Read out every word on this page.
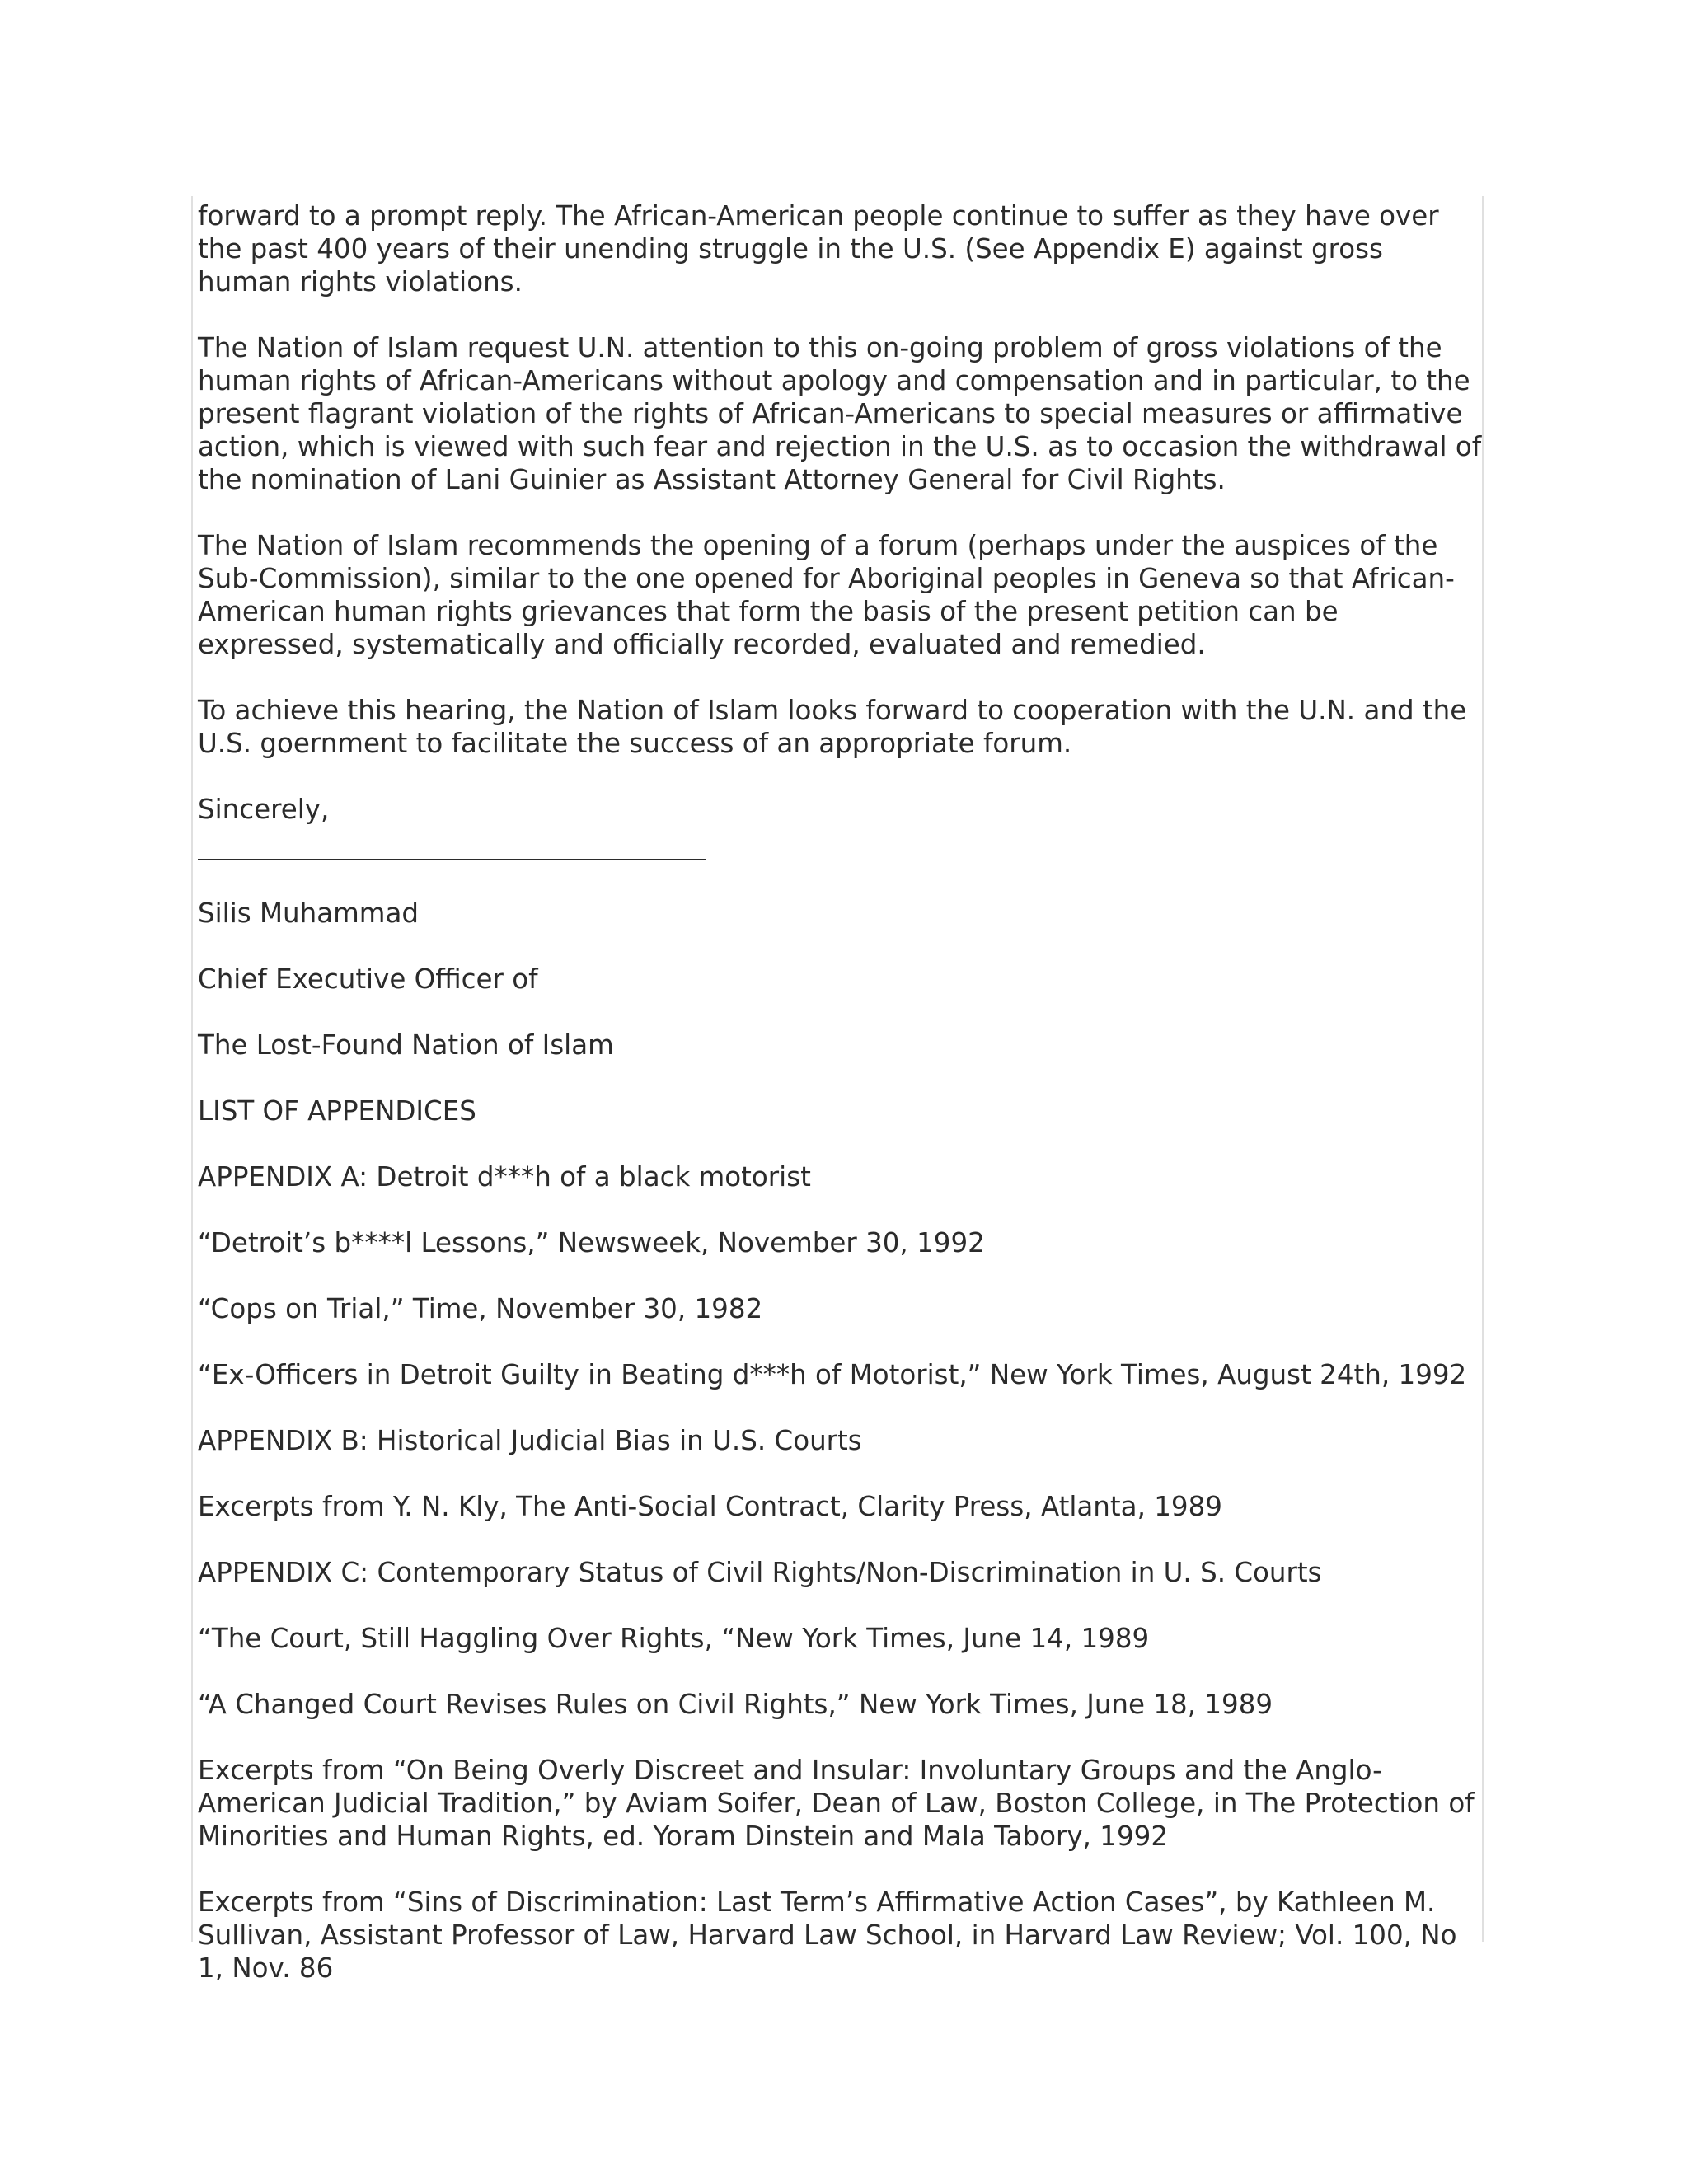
forward to a prompt reply. The African-American people continue to suffer as they have over the past 400 years of their unending struggle in the U.S. (See Appendix E) against gross human rights violations.

The Nation of Islam request U.N. attention to this on-going problem of gross violations of the human rights of African-Americans without apology and compensation and in particular, to the present flagrant violation of the rights of African-Americans to special measures or affirmative action, which is viewed with such fear and rejection in the U.S. as to occasion the withdrawal of the nomination of Lani Guinier as Assistant Attorney General for Civil Rights.

The Nation of Islam recommends the opening of a forum (perhaps under the auspices of the Sub-Commission), similar to the one opened for Aboriginal peoples in Geneva so that African-American human rights grievances that form the basis of the present petition can be expressed, systematically and officially recorded, evaluated and remedied.

To achieve this hearing, the Nation of Islam looks forward to cooperation with the U.N. and the U.S. goernment to facilitate the success of an appropriate forum.

Sincerely,

Silis Muhammad

Chief Executive Officer of

The Lost-Found Nation of Islam

LIST OF APPENDICES

APPENDIX A: Detroit d***h of a black motorist

“Detroit’s b****l Lessons,” Newsweek, November 30, 1992

“Cops on Trial,” Time, November 30, 1982

“Ex-Officers in Detroit Guilty in Beating d***h of Motorist,” New York Times, August 24th, 1992

APPENDIX B: Historical Judicial Bias in U.S. Courts

Excerpts from Y. N. Kly, The Anti-Social Contract, Clarity Press, Atlanta, 1989

APPENDIX C: Contemporary Status of Civil Rights/Non-Discrimination in U. S. Courts

“The Court, Still Haggling Over Rights, “New York Times, June 14, 1989

“A Changed Court Revises Rules on Civil Rights,” New York Times, June 18, 1989

Excerpts from “On Being Overly Discreet and Insular: Involuntary Groups and the Anglo-American Judicial Tradition,” by Aviam Soifer, Dean of Law, Boston College, in The Protection of Minorities and Human Rights, ed. Yoram Dinstein and Mala Tabory, 1992

Excerpts from “Sins of Discrimination: Last Term’s Affirmative Action Cases”, by Kathleen M. Sullivan, Assistant Professor of Law, Harvard Law School, in Harvard Law Review; Vol. 100, No 1, Nov. 86
